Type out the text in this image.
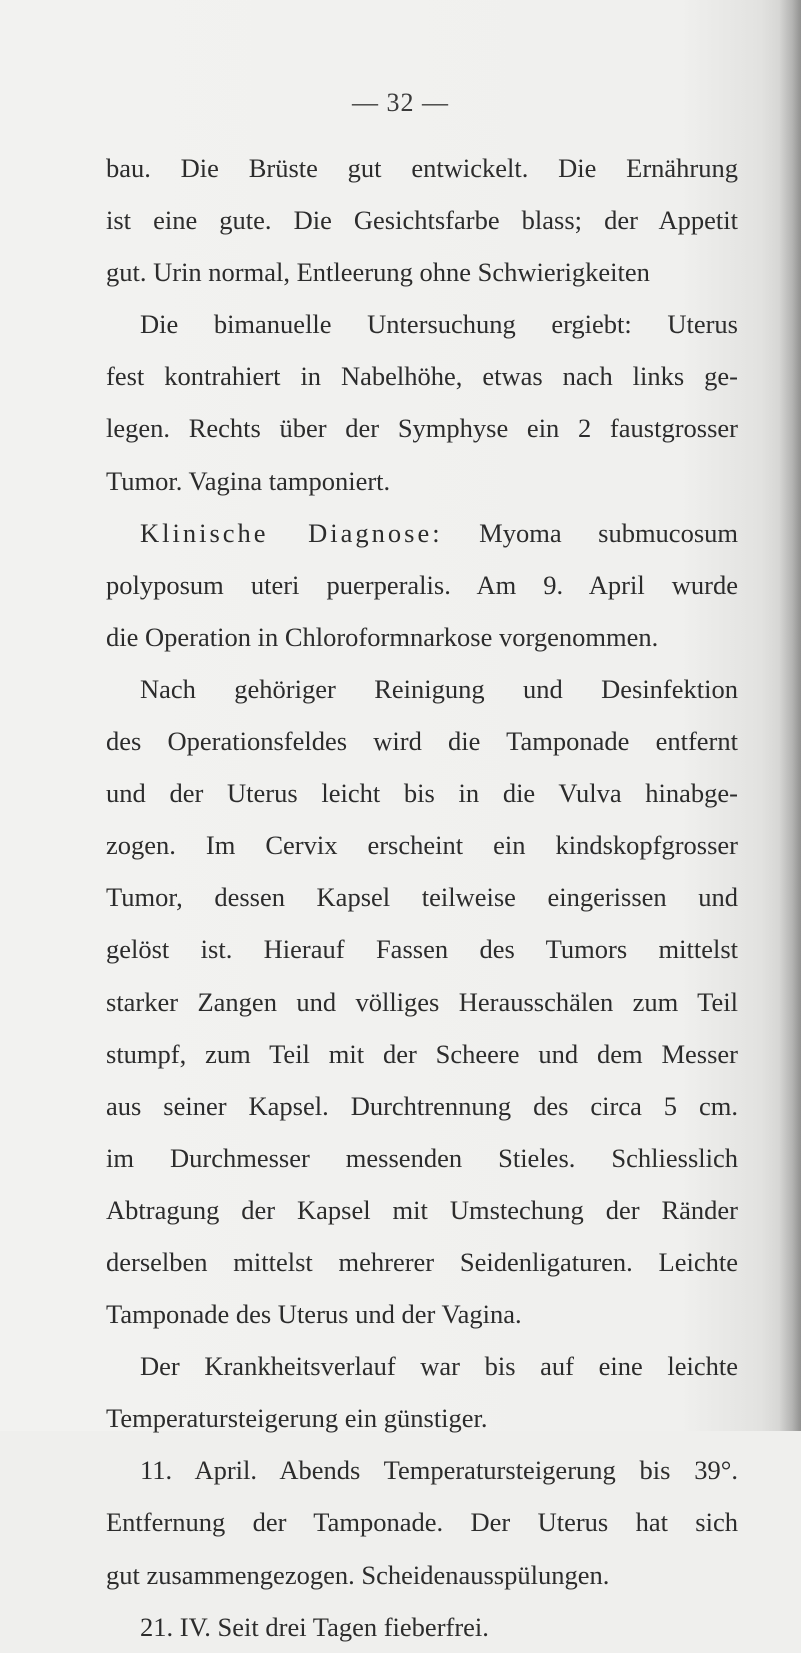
— 32 —
bau. Die Brüste gut entwickelt. Die Ernährung
ist eine gute. Die Gesichtsfarbe blass; der Appetit
gut. Urin normal, Entleerung ohne Schwierigkeiten
Die bimanuelle Untersuchung ergiebt: Uterus
fest kontrahiert in Nabelhöhe, etwas nach links ge-
legen. Rechts über der Symphyse ein 2 faustgrosser
Tumor. Vagina tamponiert.
Klinische Diagnose: Myoma submucosum
polyposum uteri puerperalis. Am 9. April wurde
die Operation in Chloroformnarkose vorgenommen.
Nach gehöriger Reinigung und Desinfektion
des Operationsfeldes wird die Tamponade entfernt
und der Uterus leicht bis in die Vulva hinabge-
zogen. Im Cervix erscheint ein kindskopfgrosser
Tumor, dessen Kapsel teilweise eingerissen und
gelöst ist. Hierauf Fassen des Tumors mittelst
starker Zangen und völliges Herausschälen zum Teil
stumpf, zum Teil mit der Scheere und dem Messer
aus seiner Kapsel. Durchtrennung des circa 5 cm.
im Durchmesser messenden Stieles. Schliesslich
Abtragung der Kapsel mit Umstechung der Ränder
derselben mittelst mehrerer Seidenligaturen. Leichte
Tamponade des Uterus und der Vagina.
Der Krankheitsverlauf war bis auf eine leichte
Temperatursteigerung ein günstiger.
11. April. Abends Temperatursteigerung bis 39°.
Entfernung der Tamponade. Der Uterus hat sich
gut zusammengezogen. Scheidenausspülungen.
21. IV. Seit drei Tagen fieberfrei.
